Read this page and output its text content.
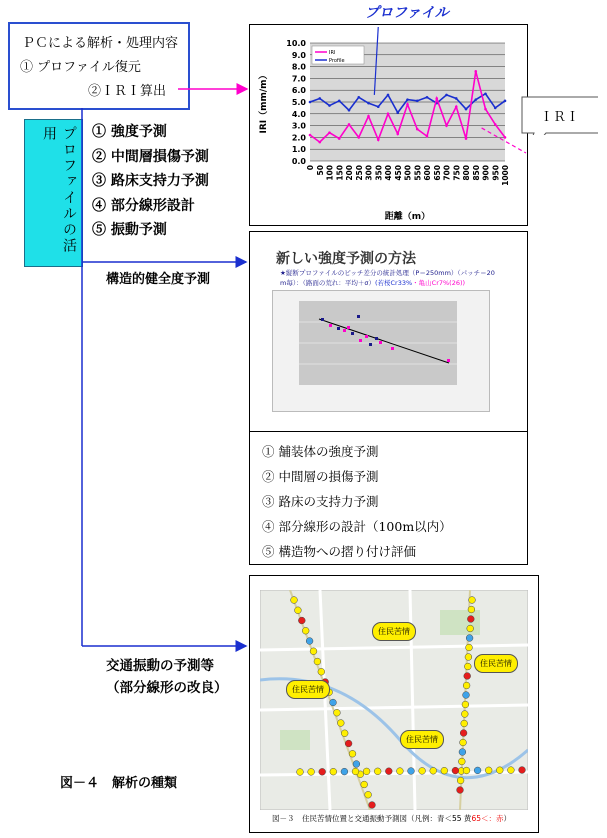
ＰＣによる解析・処理内容
① プロファイル復元
②ＩＲＩ算出
プロファイルの活用	① 強度予測
② 中間層損傷予測
③ 路床支持力予測
④ 部分線形設計
⑤ 振動予測
プロファイル
0.0
1.0
2.0
3.0
4.0
5.0
6.0
7.0
8.0
9.0
10.0
0 50 100 150 200 250 300 350 400 450 500 550 600 650 700 750 800 850 900 950 1000
IRI
Profile
距離（m）
IRI（mm/m）	ＩＲＩ
構造的健全度予測
新しい強度予測の方法
★縦断プロファイルのピッチ差分の統計処理（P＝250mm）（パッチ＝20
m毎）：（路面の荒れ：平均＋σ）(若桜Cr33%・亀山Cr7%(26))
① 舗装体の強度予測
② 中間層の損傷予測
③ 路床の支持力予測
④ 部分線形の設計（100m以内）
⑤ 構造物への摺り付け評価
交通振動の予測等
（部分線形の改良）
住民苦情
住民苦情
住民苦情
住民苦情
図－３　住民苦情位置と交通振動予測図（凡例：青＜55 黄65＜：赤）
図－４　解析の種類
